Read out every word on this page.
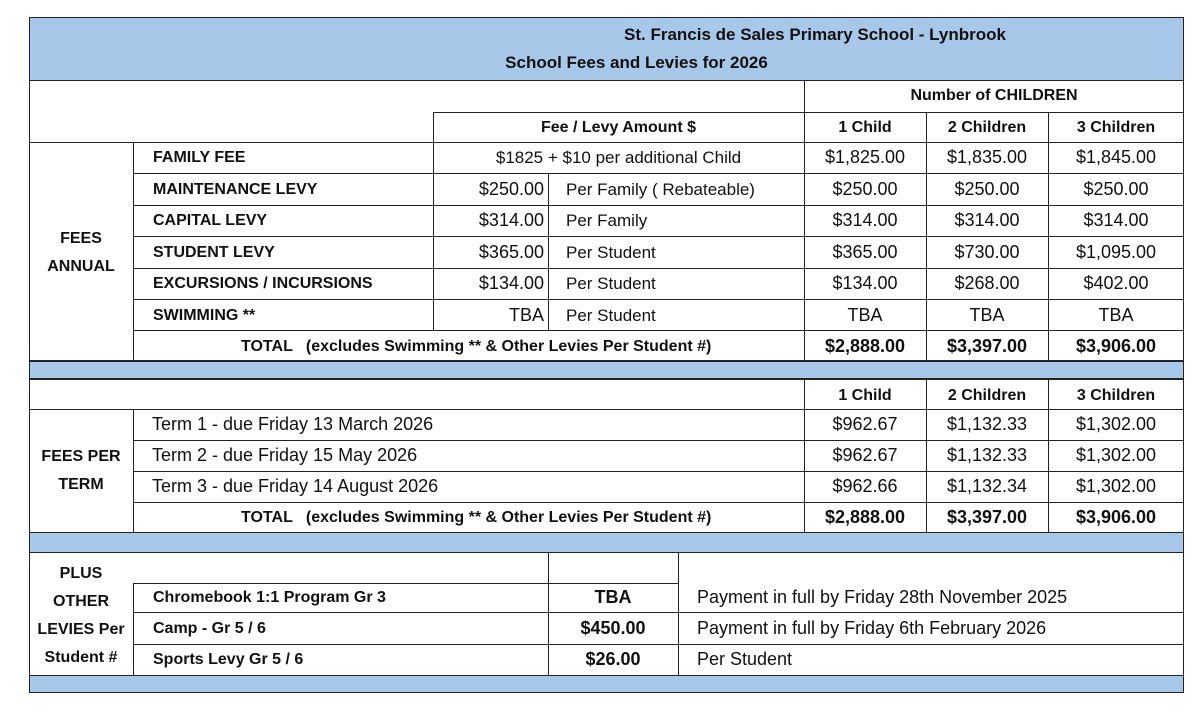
St. Francis de Sales Primary School - Lynbrook
School Fees and Levies for 2026
Number of CHILDREN
Fee / Levy Amount $	1 Child	2 Children	3 Children
FEES
ANNUAL
FAMILY FEE	$1825 + $10 per additional Child	$1,825.00	$1,835.00	$1,845.00
MAINTENANCE LEVY	$250.00 Per Family ( Rebateable)	$250.00	$250.00	$250.00
CAPITAL LEVY	$314.00 Per Family	$314.00	$314.00	$314.00
STUDENT LEVY	$365.00 Per Student	$365.00	$730.00	$1,095.00
EXCURSIONS / INCURSIONS	$134.00 Per Student	$134.00	$268.00	$402.00
SWIMMING **	TBA Per Student	TBA	TBA	TBA
TOTAL   (excludes Swimming ** & Other Levies Per Student #)	$2,888.00	$3,397.00	$3,906.00
1 Child	2 Children	3 Children
FEES PER
TERM
Term 1 - due Friday 13 March 2026	$962.67	$1,132.33	$1,302.00
Term 2 - due Friday 15 May 2026	$962.67	$1,132.33	$1,302.00
Term 3 - due Friday 14 August 2026	$962.66	$1,132.34	$1,302.00
TOTAL   (excludes Swimming ** & Other Levies Per Student #)	$2,888.00	$3,397.00	$3,906.00
PLUS
OTHER
LEVIES Per
Student #
Chromebook 1:1 Program Gr 3	TBA	Payment in full by Friday 28th November 2025
Camp - Gr 5 / 6	$450.00	Payment in full by Friday 6th February 2026
Sports Levy Gr 5 / 6	$26.00	Per Student
